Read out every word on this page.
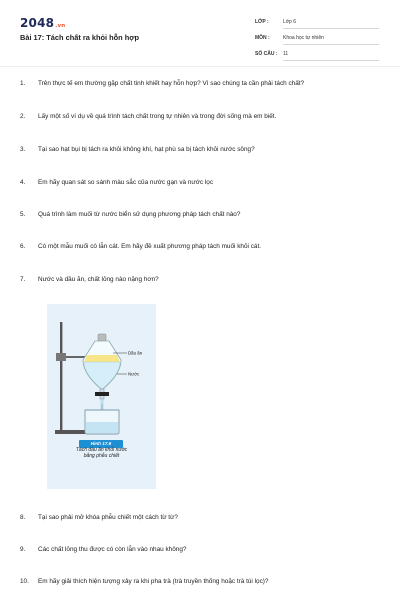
2048.vn
Bài 17: Tách chất ra khỏi hỗn hợp
LỚP :	Lớp 6
MÔN :	Khoa học tự nhiên
SỐ CÂU : 11
1. Trên thực tế em thường gặp chất tinh khiết hay hỗn hợp? Vì sao chúng ta cần phải tách chất?
2. Lấy một số ví dụ về quá trình tách chất trong tự nhiên và trong đời sống mà em biết.
3. Tại sao hạt bụi bị tách ra khỏi không khí, hạt phù sa bị tách khỏi nước sông?
4. Em hãy quan sát so sánh màu sắc của nước gạn và nước lọc
5. Quá trình làm muối từ nước biển sử dụng phương pháp tách chất nào?
6. Có một mẫu muối có lẫn cát. Em hãy đề xuất phương pháp tách muối khỏi cát.
7. Nước và dầu ăn, chất lỏng nào nặng hơn?
Dầu ăn
Nước
Hình 17.6
Tách dầu ăn khỏi nước
bằng phễu chiết
8. Tại sao phải mở khóa phễu chiết một cách từ từ?
9. Các chất lỏng thu được có còn lẫn vào nhau không?
10. Em hãy giải thích hiện tượng xảy ra khi pha trà (trà truyền thống hoặc trà túi lọc)?
